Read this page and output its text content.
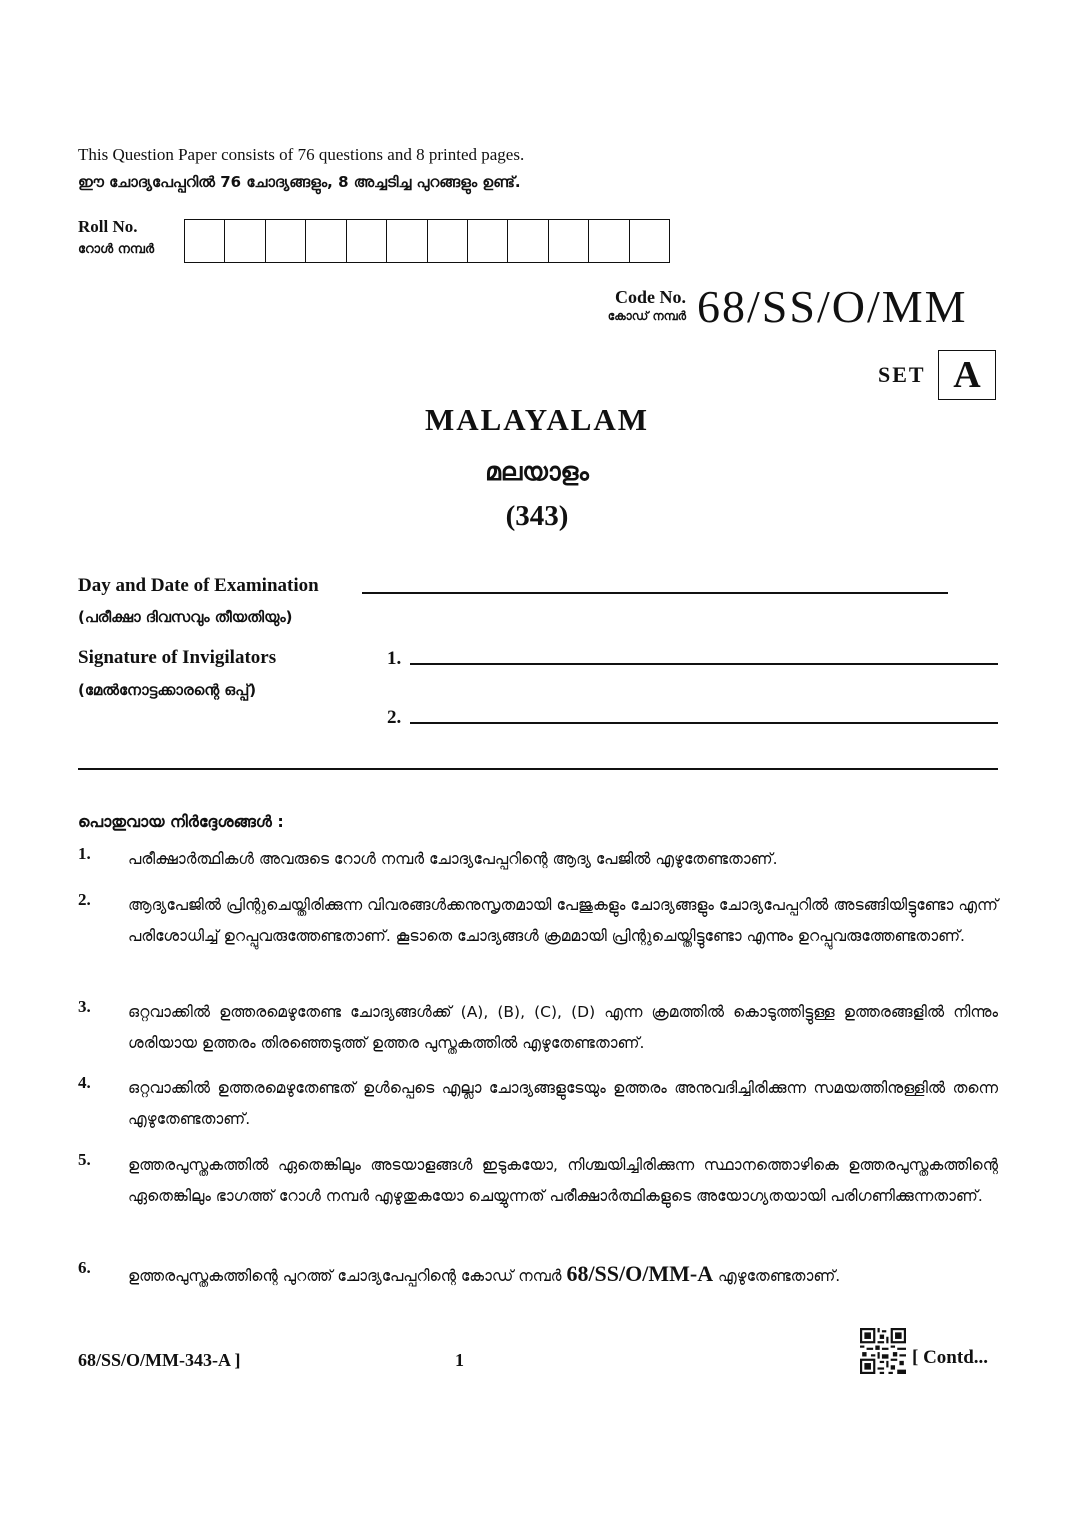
This Question Paper consists of 76 questions and 8 printed pages.
ഈ ചോദ്യപേപ്പറിൽ 76 ചോദ്യങ്ങളും, 8 അച്ചടിച്ച പുറങ്ങളും ഉണ്ട്.
Roll No.
റോൾ നമ്പർ
Code No.
കോഡ് നമ്പർ 68/SS/O/MM
SET A
MALAYALAM
മലയാളം
(343)
Day and Date of Examination
(പരീക്ഷാ ദിവസവും തീയതിയും)
Signature of Invigilators
(മേൽനോട്ടക്കാരന്റെ ഒപ്പ്)
1.
2.
പൊതുവായ നിർദ്ദേശങ്ങൾ :
1. പരീക്ഷാർത്ഥികൾ അവരുടെ റോൾ നമ്പർ ചോദ്യപേപ്പറിന്റെ ആദ്യ പേജിൽ എഴുതേണ്ടതാണ്.
2. ആദ്യപേജിൽ പ്രിന്റുചെയ്തിരിക്കുന്ന വിവരങ്ങൾക്കനുസൃതമായി പേജുകളും ചോദ്യങ്ങളും ചോദ്യപേപ്പറിൽ അടങ്ങിയിട്ടുണ്ടോ എന്ന് പരിശോധിച്ച് ഉറപ്പുവരുത്തേണ്ടതാണ്. കൂടാതെ ചോദ്യങ്ങൾ ക്രമമായി പ്രിന്റുചെയ്തിട്ടുണ്ടോ എന്നും ഉറപ്പുവരുത്തേണ്ടതാണ്.
3. ഒറ്റവാക്കിൽ ഉത്തരമെഴുതേണ്ട ചോദ്യങ്ങൾക്ക് (A), (B), (C), (D) എന്ന ക്രമത്തിൽ കൊടുത്തിട്ടുള്ള ഉത്തരങ്ങളിൽ നിന്നും ശരിയായ ഉത്തരം തിരഞ്ഞെടുത്ത് ഉത്തര പുസ്തകത്തിൽ എഴുതേണ്ടതാണ്.
4. ഒറ്റവാക്കിൽ ഉത്തരമെഴുതേണ്ടത് ഉൾപ്പെടെ എല്ലാ ചോദ്യങ്ങളുടേയും ഉത്തരം അനുവദിച്ചിരിക്കുന്ന സമയത്തിനുള്ളിൽ തന്നെ എഴുതേണ്ടതാണ്.
5. ഉത്തരപുസ്തകത്തിൽ ഏതെങ്കിലും അടയാളങ്ങൾ ഇടുകയോ, നിശ്ചയിച്ചിരിക്കുന്ന സ്ഥാനത്തൊഴികെ ഉത്തരപുസ്തകത്തിന്റെ ഏതെങ്കിലും ഭാഗത്ത് റോൾ നമ്പർ എഴുതുകയോ ചെയ്യുന്നത് പരീക്ഷാർത്ഥികളുടെ അയോഗ്യതയായി പരിഗണിക്കുന്നതാണ്.
6. ഉത്തരപുസ്തകത്തിന്റെ പുറത്ത് ചോദ്യപേപ്പറിന്റെ കോഡ് നമ്പർ 68/SS/O/MM-A എഴുതേണ്ടതാണ്.
68/SS/O/MM-343-A ]	1	[ Contd...
